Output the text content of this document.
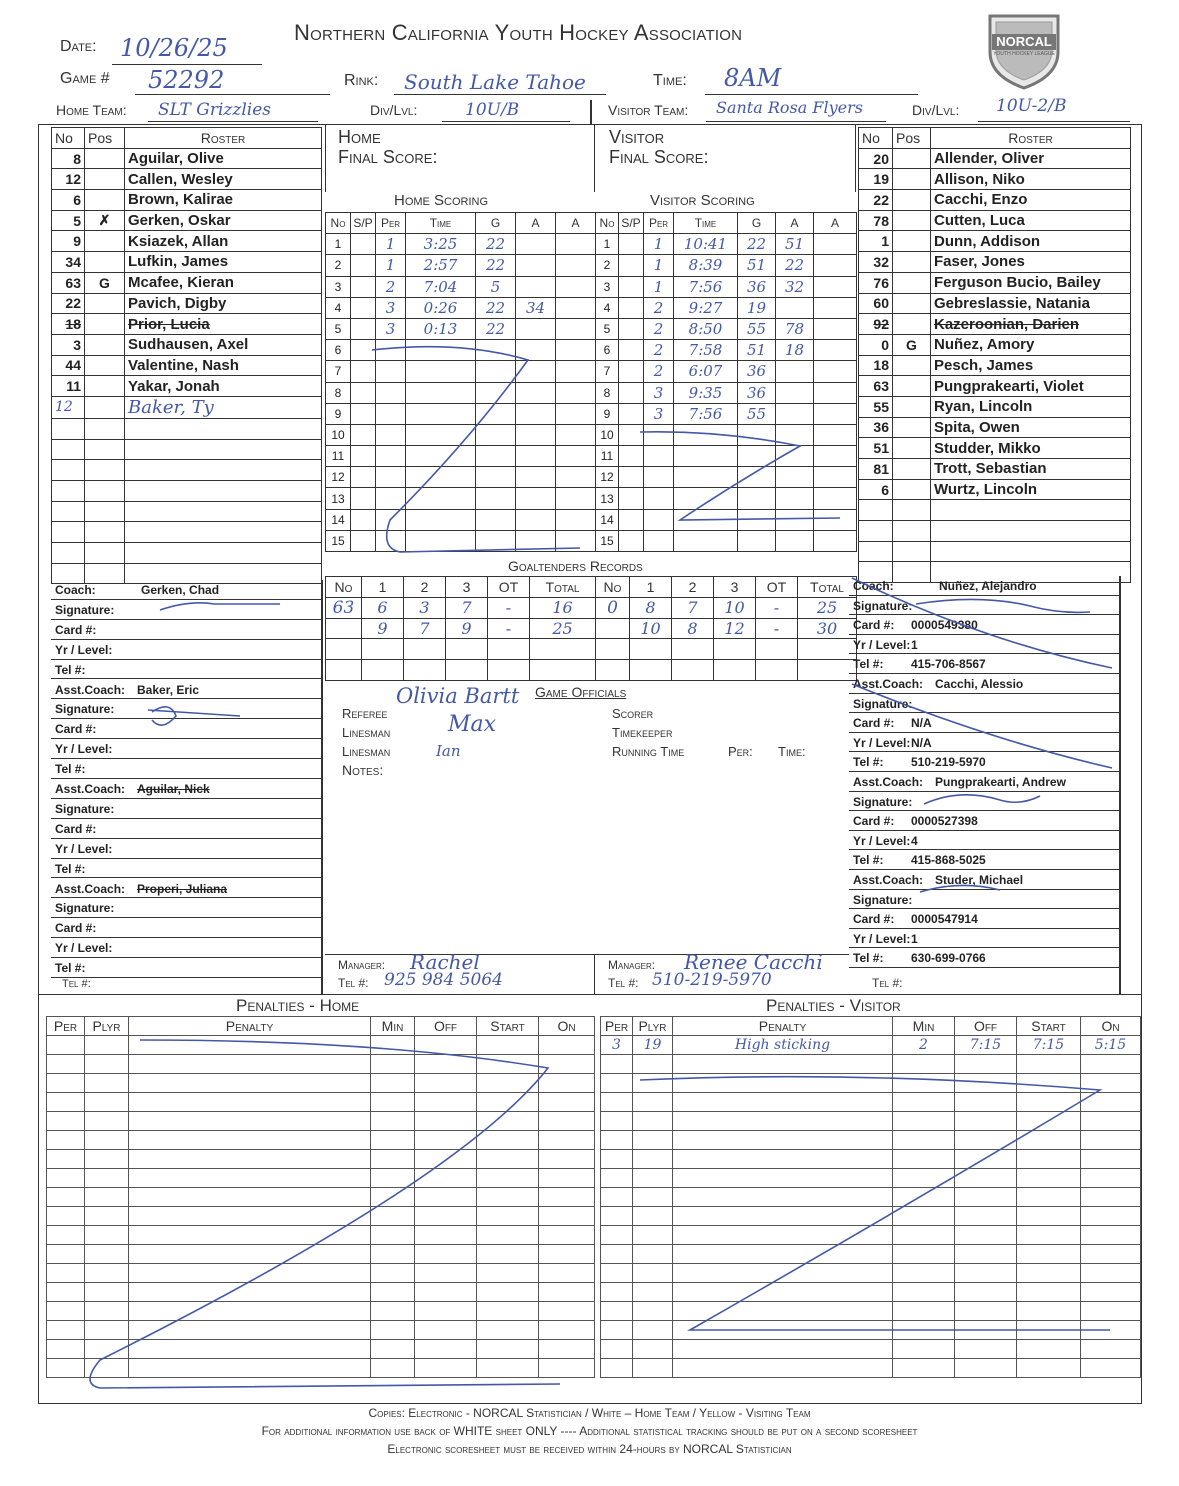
Northern California Youth Hockey Association	NORCAL
YOUTH HOCKEY LEAGUE
Date: 10/26/25
Game # 52292	Rink: South Lake Tahoe	Time: 8AM
Home Team: SLT Grizzlies	Div/Lvl:	10U/B	Visitor Team: Santa Rosa Flyers	Div/Lvl: 10U-2/B
No	Pos	Roster
8		Aguilar, Olive
12		Callen, Wesley
6		Brown, Kalirae
5	✗	Gerken, Oskar
9		Ksiazek, Allan
34		Lufkin, James
63	G	Mcafee, Kieran
22		Pavich, Digby
18		Prior, Lucia
3		Sudhausen, Axel
44		Valentine, Nash
11		Yakar, Jonah
12		Baker, Ty

No	Pos	Roster
20		Allender, Oliver
19		Allison, Niko
22		Cacchi, Enzo
78		Cutten, Luca
1		Dunn, Addison
32		Faser, Jones
76		Ferguson Bucio, Bailey
60		Gebreslassie, Natania
92		Kazeroonian, Darien
0	G	Nuñez, Amory
18		Pesch, James
63		Pungprakearti, Violet
55		Ryan, Lincoln
36		Spita, Owen
51		Studder, Mikko
81		Trott, Sebastian
6		Wurtz, Lincoln

Home
Final Score:
Visitor
Final Score:
Home Scoring	Visitor Scoring
No	S/P	Per	Time	G	A	A
1		1	3:25	22		
2		1	2:57	22		
3		2	7:04	5		
4		3	0:26	22	34	
5		3	0:13	22		
6						
7						
8						
9						
10						
11						
12						
13						
14						
15						
No	S/P	Per	Time	G	A	A
1		1	10:41	22	51	
2		1	8:39	51	22	
3		1	7:56	36	32	
4		2	9:27	19		
5		2	8:50	55	78	
6		2	7:58	51	18	
7		2	6:07	36		
8		3	9:35	36		
9		3	7:56	55		
10						
11						
12						
13						
14						
15						
Goaltenders Records
No	1	2	3	OT	Total
63	6	3	7	-	16
	9	7	9	-	25

No	1	2	3	OT	Total
0	8	7	10	-	25
	10	8	12	-	30

Coach:	Gerken, Chad
Signature:
Card #:
Yr / Level:
Tel #:
Asst.Coach: Baker, Eric
Signature:
Card #:
Yr / Level:
Tel #:
Asst.Coach: Aguilar, Nick
Signature:
Card #:
Yr / Level:
Tel #:
Asst.Coach: Properi, Juliana
Signature:
Card #:
Yr / Level:
Tel #:
Coach:	Nuñez, Alejandro
Signature:
Card #: 0000549380
Yr / Level: 1
Tel #: 415-706-8567
Asst.Coach: Cacchi, Alessio
Signature:
Card #: N/A
Yr / Level: N/A
Tel #: 510-219-5970
Asst.Coach: Pungprakearti, Andrew
Signature:
Card #: 0000527398
Yr / Level: 4
Tel #: 415-868-5025
Asst.Coach: Studer, Michael
Signature:
Card #: 0000547914
Yr / Level: 1
Tel #: 630-699-0766
Game Officials
Referee
Olivia Bartt
Linesman	Max
Linesman	Ian
Notes:
Scorer
Timekeeper
Running Time	Per: Time:
Manager: Rachel
Tel #: 925 984 5064
Manager: Renee Cacchi
Tel #: 510-219-5970
Tel #:	Tel #:
Penalties - Home	Penalties - Visitor
Per	Plyr	Penalty	Min	Off	Start	On

						Per	Plyr	Penalty	Min	Off	Start	On
3	19	High sticking	2	7:15	7:15	5:15

Copies: Electronic - NORCAL Statistician / White – Home Team / Yellow - Visiting Team
For additional information use back of WHITE sheet ONLY ---- Additional statistical tracking should be put on a second scoresheet
Electronic scoresheet must be received within 24-hours by NORCAL Statistician
